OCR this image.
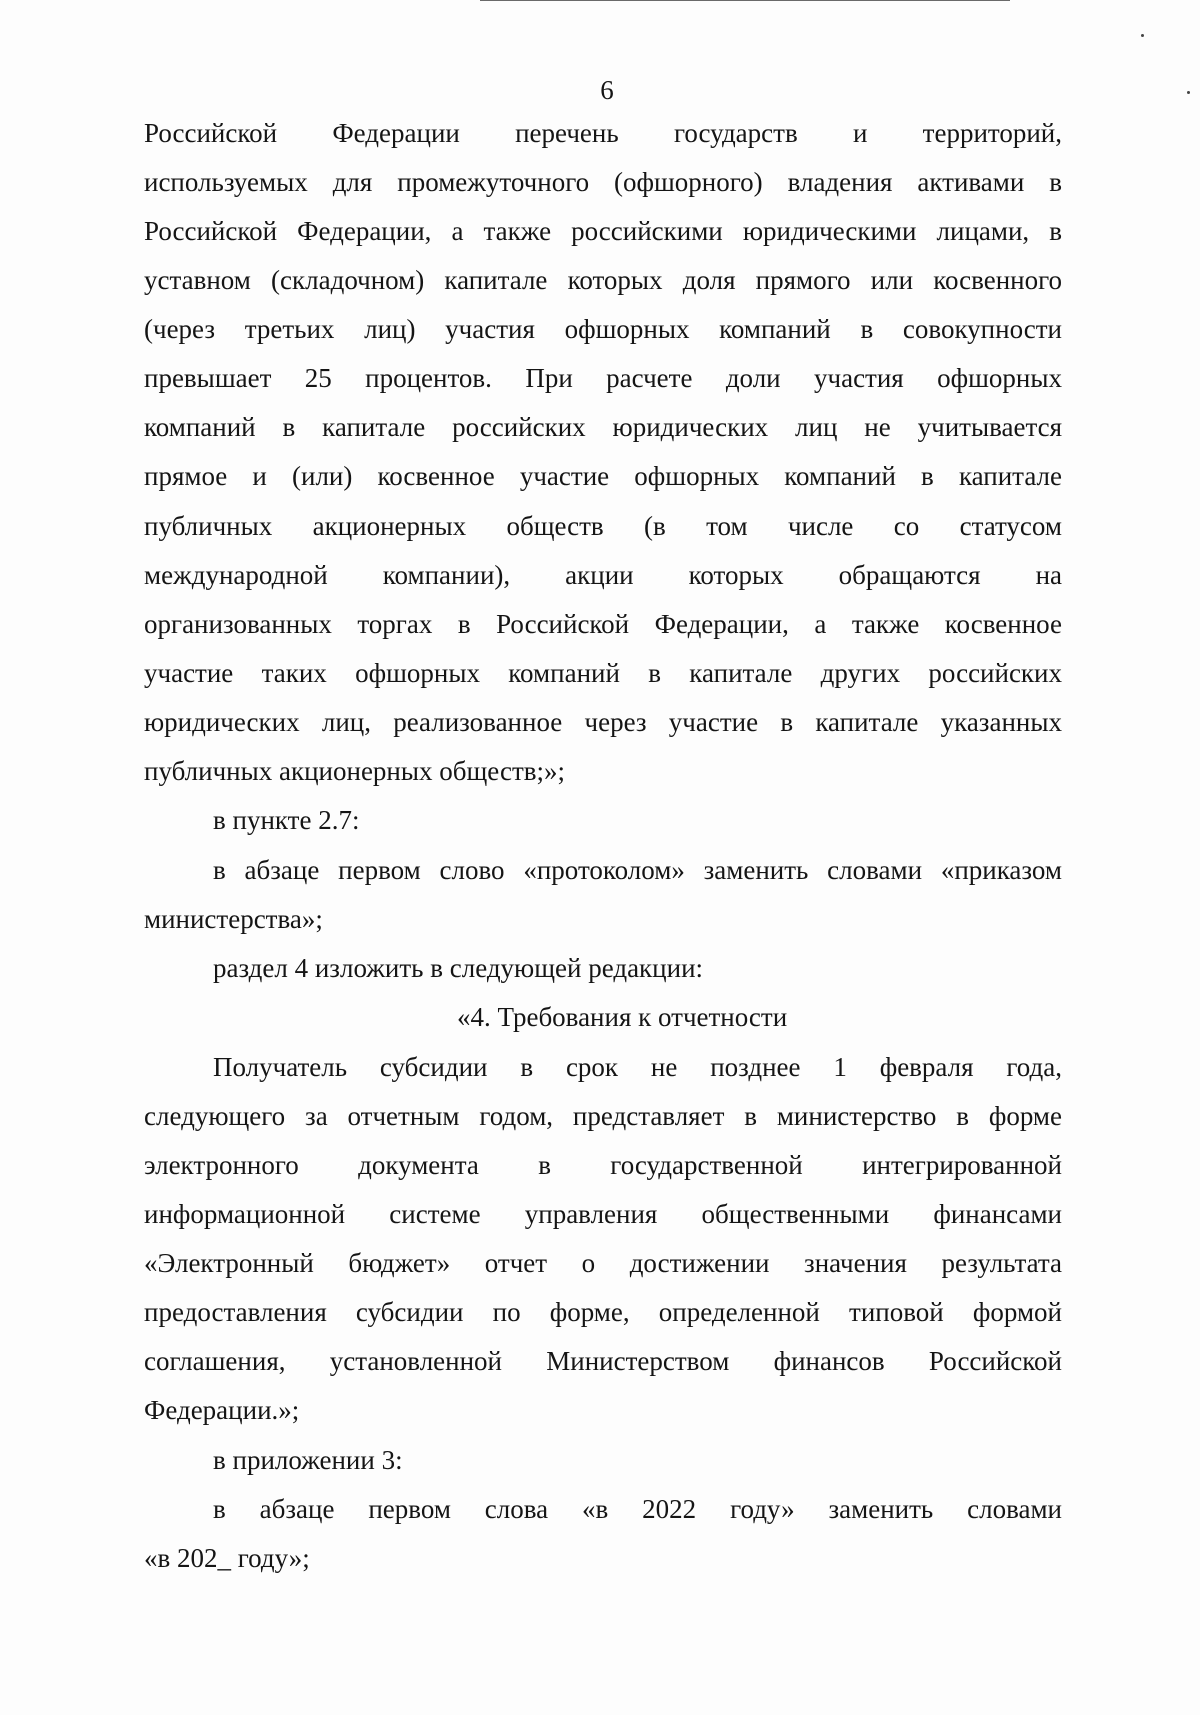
6
Российской Федерации перечень государств и территорий,
используемых для промежуточного (офшорного) владения активами в
Российской Федерации, а также российскими юридическими лицами, в
уставном (складочном) капитале которых доля прямого или косвенного
(через третьих лиц) участия офшорных компаний в совокупности
превышает 25 процентов. При расчете доли участия офшорных
компаний в капитале российских юридических лиц не учитывается
прямое и (или) косвенное участие офшорных компаний в капитале
публичных акционерных обществ (в том числе со статусом
международной компании), акции которых обращаются на
организованных торгах в Российской Федерации, а также косвенное
участие таких офшорных компаний в капитале других российских
юридических лиц, реализованное через участие в капитале указанных
публичных акционерных обществ;»;
в пункте 2.7:
в абзаце первом слово «протоколом» заменить словами «приказом
министерства»;
раздел 4 изложить в следующей редакции:
«4. Требования к отчетности
Получатель субсидии в срок не позднее 1 февраля года,
следующего за отчетным годом, представляет в министерство в форме
электронного документа в государственной интегрированной
информационной системе управления общественными финансами
«Электронный бюджет» отчет о достижении значения результата
предоставления субсидии по форме, определенной типовой формой
соглашения, установленной Министерством финансов Российской
Федерации.»;
в приложении 3:
в абзаце первом слова «в 2022 году» заменить словами
«в 202_ году»;
